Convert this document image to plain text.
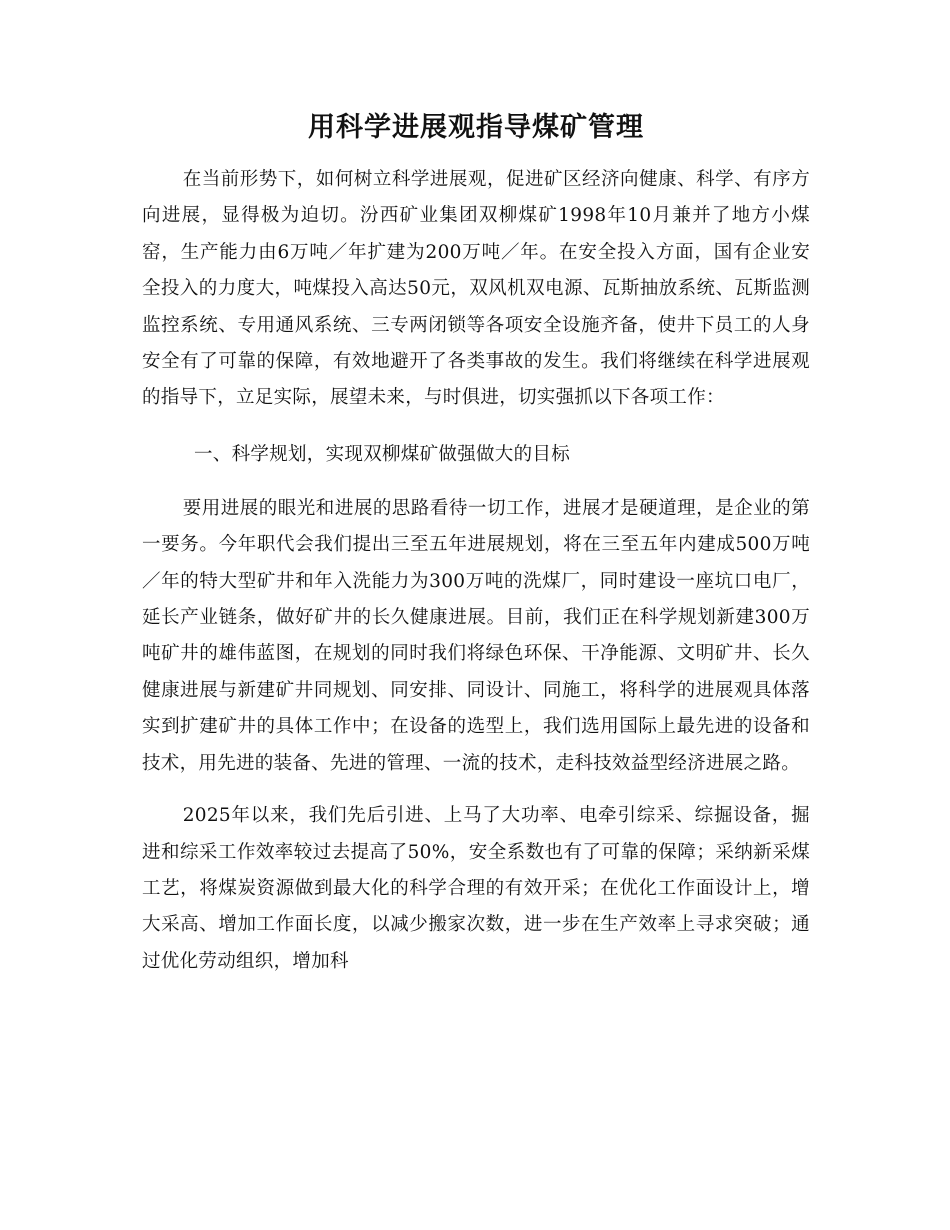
用科学进展观指导煤矿管理

在当前形势下，如何树立科学进展观，促进矿区经济向健康、科学、有序方向进展，显得极为迫切。汾西矿业集团双柳煤矿1998年10月兼并了地方小煤窑，生产能力由6万吨／年扩建为200万吨／年。在安全投入方面，国有企业安全投入的力度大，吨煤投入高达50元，双风机双电源、瓦斯抽放系统、瓦斯监测监控系统、专用通风系统、三专两闭锁等各项安全设施齐备，使井下员工的人身安全有了可靠的保障，有效地避开了各类事故的发生。我们将继续在科学进展观的指导下，立足实际，展望未来，与时俱进，切实强抓以下各项工作：

一、科学规划，实现双柳煤矿做强做大的目标

要用进展的眼光和进展的思路看待一切工作，进展才是硬道理，是企业的第一要务。今年职代会我们提出三至五年进展规划，将在三至五年内建成500万吨／年的特大型矿井和年入洗能力为300万吨的洗煤厂，同时建设一座坑口电厂，延长产业链条，做好矿井的长久健康进展。目前，我们正在科学规划新建300万吨矿井的雄伟蓝图，在规划的同时我们将绿色环保、干净能源、文明矿井、长久健康进展与新建矿井同规划、同安排、同设计、同施工，将科学的进展观具体落实到扩建矿井的具体工作中；在设备的选型上，我们选用国际上最先进的设备和技术，用先进的装备、先进的管理、一流的技术，走科技效益型经济进展之路。

2025年以来，我们先后引进、上马了大功率、电牵引综采、综掘设备，掘进和综采工作效率较过去提高了50%，安全系数也有了可靠的保障；采纳新采煤工艺，将煤炭资源做到最大化的科学合理的有效开采；在优化工作面设计上，增大采高、增加工作面长度，以减少搬家次数，进一步在生产效率上寻求突破；通过优化劳动组织，增加科
